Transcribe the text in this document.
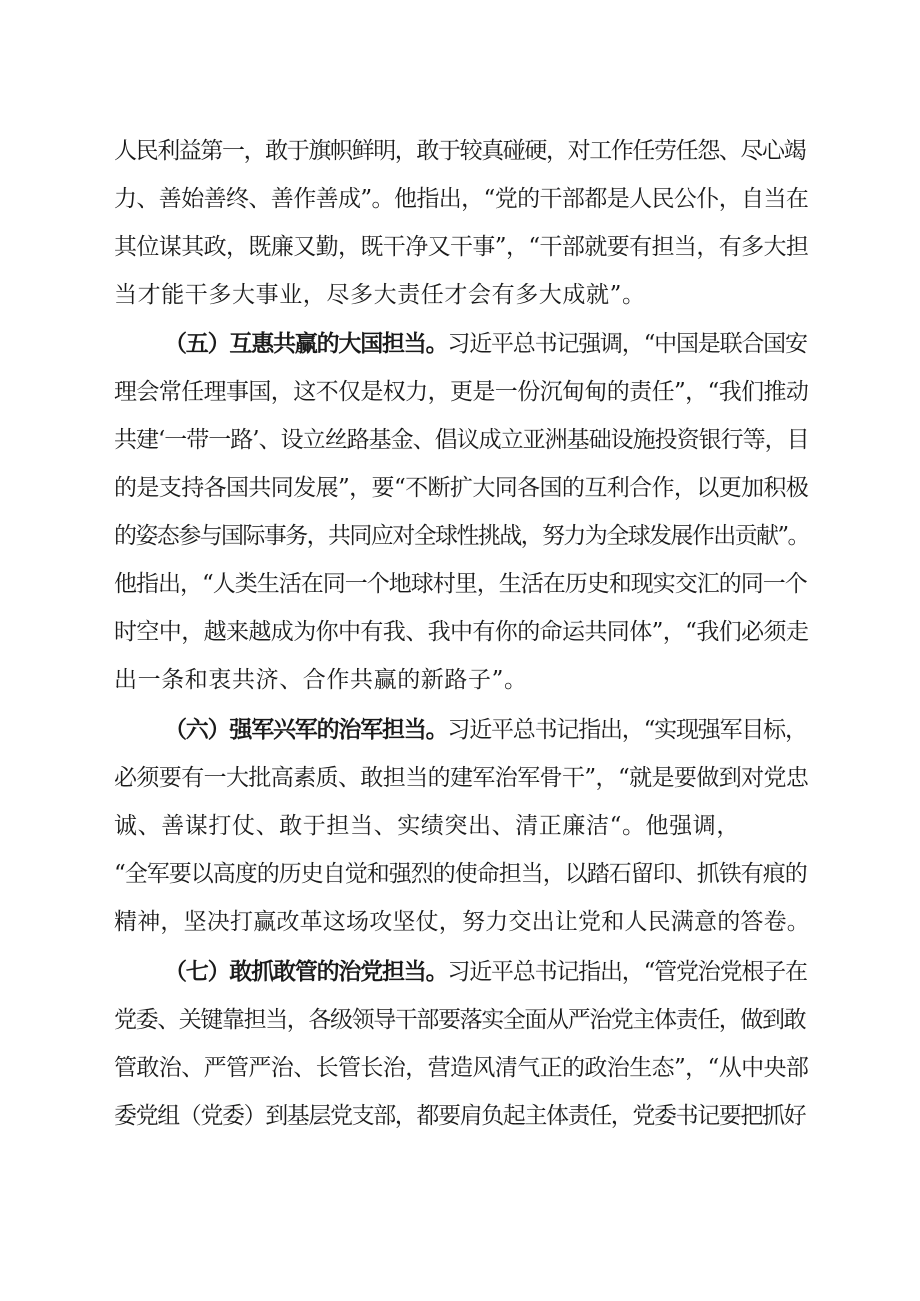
人民利益第一，敢于旗帜鲜明，敢于较真碰硬，对工作任劳任怨、尽心竭
力、善始善终、善作善成”。他指出，“党的干部都是人民公仆，自当在
其位谋其政，既廉又勤，既干净又干事”，“干部就要有担当，有多大担
当才能干多大事业，尽多大责任才会有多大成就”。
（五）互惠共赢的大国担当。习近平总书记强调，“中国是联合国安
理会常任理事国，这不仅是权力，更是一份沉甸甸的责任”，“我们推动
共建‘一带一路’、设立丝路基金、倡议成立亚洲基础设施投资银行等，目
的是支持各国共同发展”，要“不断扩大同各国的互利合作，以更加积极
的姿态参与国际事务，共同应对全球性挑战，努力为全球发展作出贡献”。
他指出，“人类生活在同一个地球村里，生活在历史和现实交汇的同一个
时空中，越来越成为你中有我、我中有你的命运共同体”，“我们必须走
出一条和衷共济、合作共赢的新路子”。
（六）强军兴军的治军担当。习近平总书记指出，“实现强军目标，
必须要有一大批高素质、敢担当的建军治军骨干”，“就是要做到对党忠
诚、善谋打仗、敢于担当、实绩突出、清正廉洁“。他强调，
“全军要以高度的历史自觉和强烈的使命担当，以踏石留印、抓铁有痕的
精神，坚决打赢改革这场攻坚仗，努力交出让党和人民满意的答卷。
（七）敢抓敢管的治党担当。习近平总书记指出，“管党治党根子在
党委、关键靠担当，各级领导干部要落实全面从严治党主体责任，做到敢
管敢治、严管严治、长管长治，营造风清气正的政治生态”，“从中央部
委党组（党委）到基层党支部，都要肩负起主体责任，党委书记要把抓好
